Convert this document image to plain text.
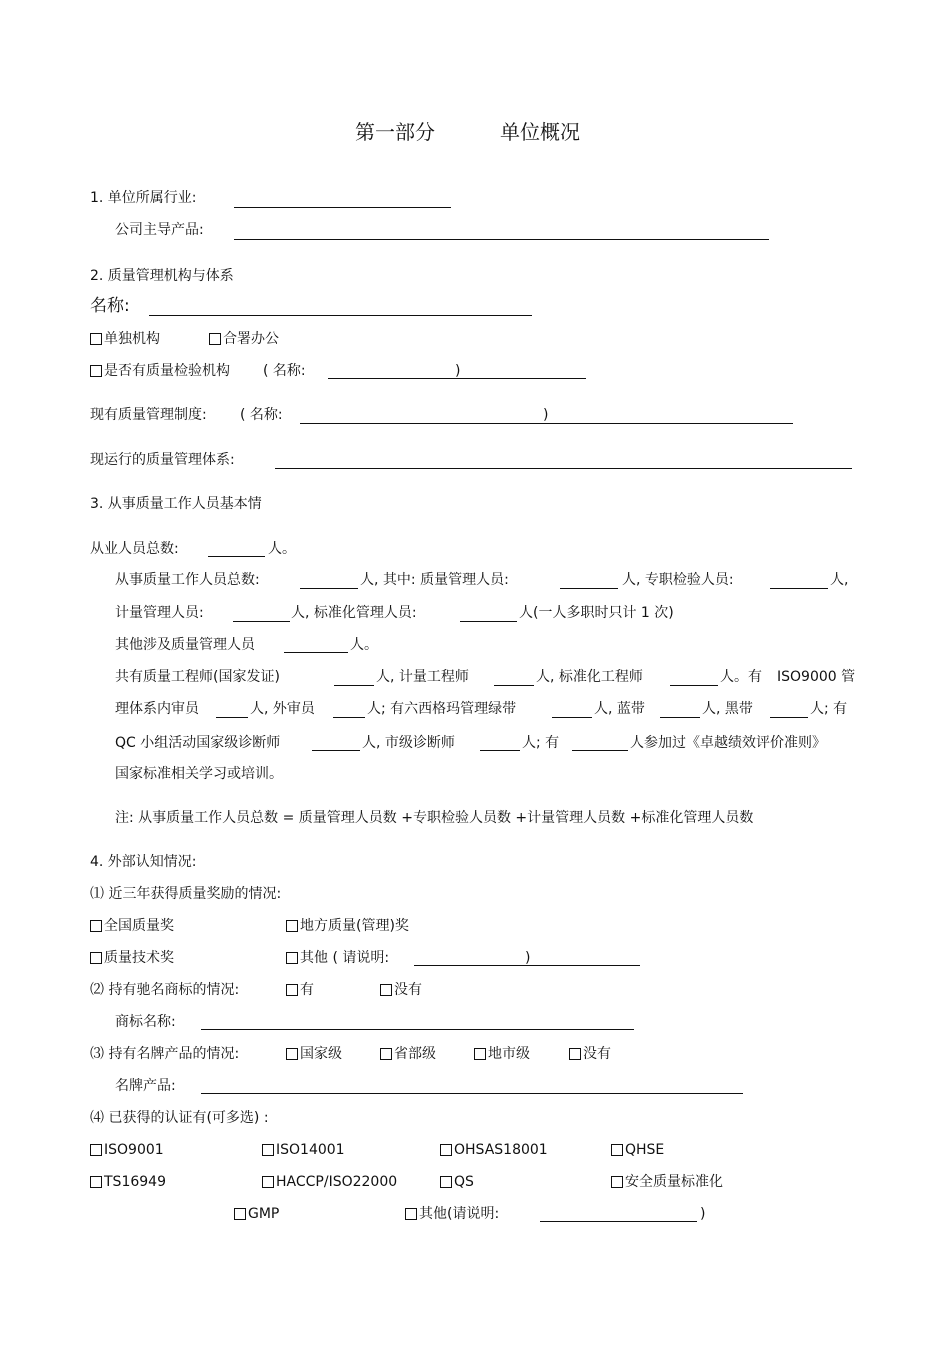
第一部分	单位概况
1. 单位所属行业:
公司主导产品:
2. 质量管理机构与体系
名称:
单独机构	合署办公
是否有质量检验机构 ( 名称:	)
现有质量管理制度: ( 名称:	)
现运行的质量管理体系:
3. 从事质量工作人员基本情
从业人员总数:	人。
从事质量工作人员总数:	人, 其中: 质量管理人员:	人, 专职检验人员:	人,
计量管理人员:	人, 标准化管理人员:	人(一人多职时只计 1 次)
其他涉及质量管理人员	人。
共有质量工程师(国家发证)	人, 计量工程师	人, 标准化工程师	人。有 ISO9000 管
理体系内审员	人, 外审员	人; 有六西格玛管理绿带	人, 蓝带	人, 黑带	人; 有
QC 小组活动国家级诊断师	人, 市级诊断师	人; 有	人参加过《卓越绩效评价准则》
国家标准相关学习或培训。
注: 从事质量工作人员总数 = 质量管理人员数 +专职检验人员数 +计量管理人员数 +标准化管理人员数
4. 外部认知情况:
⑴ 近三年获得质量奖励的情况:
全国质量奖	地方质量(管理)奖
质量技术奖	其他 ( 请说明:	)
⑵ 持有驰名商标的情况:	有	没有
商标名称:
⑶ 持有名牌产品的情况:	国家级	省部级	地市级	没有
名牌产品:
⑷ 已获得的认证有(可多选) :
ISO9001	ISO14001	OHSAS18001	QHSE
TS16949	HACCP/ISO22000	QS	安全质量标准化
GMP	其他(请说明:	)
